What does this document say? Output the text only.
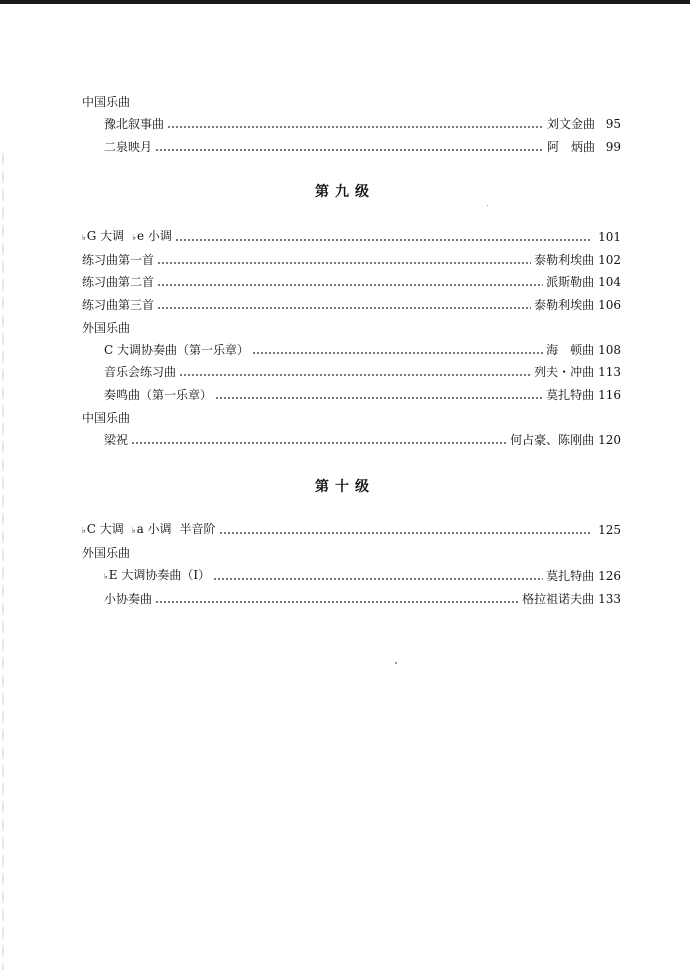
中国乐曲
豫北叙事曲	刘文金曲 95
二泉映月	阿　炳曲 99
第九级
♭ G 大调 ♭ e 小调	101
练习曲第一首	泰勒利埃曲 102
练习曲第二首	派斯勒曲 104
练习曲第三首	泰勒利埃曲 106
外国乐曲
C 大调协奏曲（第一乐章）	海　顿曲 108
音乐会练习曲	列夫・冲曲 113
奏鸣曲（第一乐章）	莫扎特曲 116
中国乐曲
梁祝	何占豪、陈刚曲 120
第十级
♭ C 大调 ♭ a 小调 半音阶	125
外国乐曲
♭ E 大调协奏曲（Ⅰ）	莫扎特曲 126
小协奏曲	格拉祖诺夫曲 133
